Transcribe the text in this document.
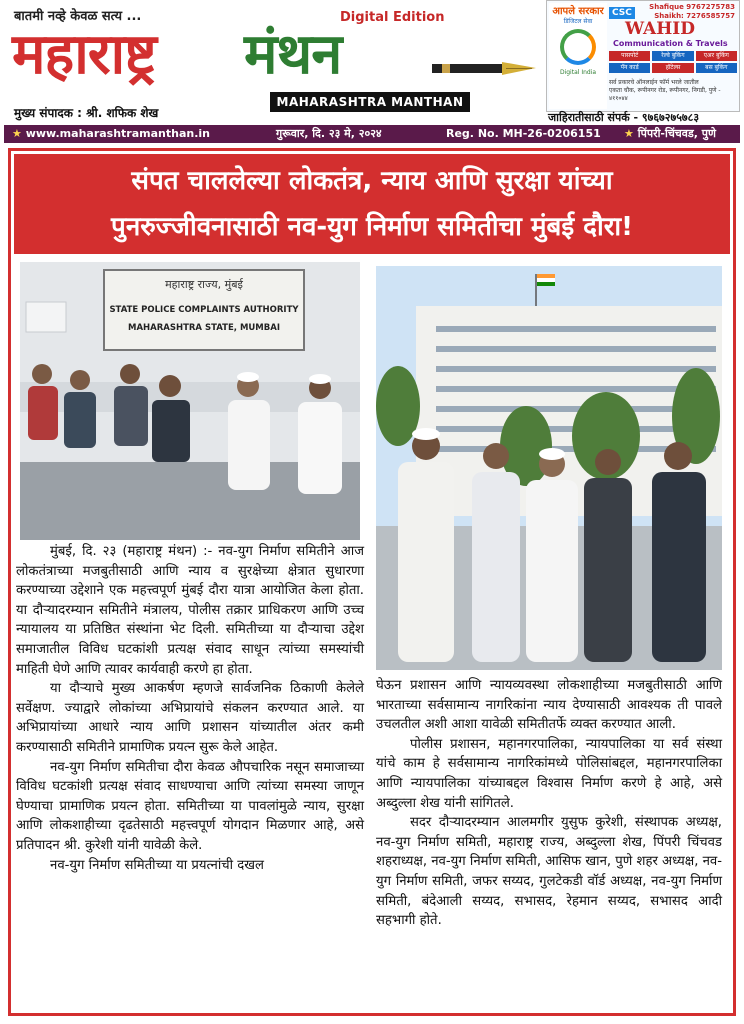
बातमी नव्हे केवळ सत्य ...	Digital Edition
महाराष्ट्र मंथन
MAHARASHTRA MANTHAN
मुख्य संपादक : श्री. शफिक शेख
आपले सरकार
डिजिटल सेवा
Digital India
CSC
Shafique 9767275783
Shaikh: 7276585757
WAHID
Communication & Travels
पासपोर्ट	रेल्वे बुकिंग	एअर बुकिंग
पॅन कार्ड	हॉटेल्स	बस बुकिंग
सर्व प्रकारचे ऑनलाईन फॉर्म भरले जातील
एकता चौक, रूपीनगर रोड, रूपीनगर, निगडी, पुणे - ४११०४४
जाहिरातीसाठी संपर्क - ९७६७२७५७८३
★ www.maharashtramanthan.in	गुरूवार, दि. २३ मे, २०२४	Reg. No. MH-26-0206151 ★ पिंपरी-चिंचवड, पुणे
संपत चाललेल्या लोकतंत्र, न्याय आणि सुरक्षा यांच्या
पुनरुज्जीवनासाठी नव-युग निर्माण समितीचा मुंबई दौरा!
महाराष्ट्र राज्य, मुंबई
STATE POLICE COMPLAINTS AUTHORITY
MAHARASHTRA STATE, MUMBAI

मुंबई, दि. २३ (महाराष्ट्र मंथन) :- नव-युग निर्माण समितीने आज लोकतंत्राच्या मजबुतीसाठी आणि न्याय व सुरक्षेच्या क्षेत्रात सुधारणा करण्याच्या उद्देशाने एक महत्त्वपूर्ण मुंबई दौरा यात्रा आयोजित केला होता. या दौऱ्यादरम्यान समितीने मंत्रालय, पोलीस तक्रार प्राधिकरण आणि उच्च न्यायालय या प्रतिष्ठित संस्थांना भेट दिली. समितीच्या या दौऱ्याचा उद्देश समाजातील विविध घटकांशी प्रत्यक्ष संवाद साधून त्यांच्या समस्यांची माहिती घेणे आणि त्यावर कार्यवाही करणे हा होता.

या दौऱ्याचे मुख्य आकर्षण म्हणजे सार्वजनिक ठिकाणी केलेले सर्वेक्षण. ज्याद्वारे लोकांच्या अभिप्रायांचे संकलन करण्यात आले. या अभिप्रायांच्या आधारे न्याय आणि प्रशासन यांच्यातील अंतर कमी करण्यासाठी समितीने प्रामाणिक प्रयत्न सुरू केले आहेत.

नव-युग निर्माण समितीचा दौरा केवळ औपचारिक नसून समाजाच्या विविध घटकांशी प्रत्यक्ष संवाद साधण्याचा आणि त्यांच्या समस्या जाणून घेण्याचा प्रामाणिक प्रयत्न होता. समितीच्या या पावलांमुळे न्याय, सुरक्षा आणि लोकशाहीच्या दृढतेसाठी महत्त्वपूर्ण योगदान मिळणार आहे, असे प्रतिपादन श्री. कुरेशी यांनी यावेळी केले.

नव-युग निर्माण समितीच्या या प्रयत्नांची दखल

घेऊन प्रशासन आणि न्यायव्यवस्था लोकशाहीच्या मजबुतीसाठी आणि भारताच्या सर्वसामान्य नागरिकांना न्याय देण्यासाठी आवश्यक ती पावले उचलतील अशी आशा यावेळी समितीतर्फे व्यक्त करण्यात आली.

पोलीस प्रशासन, महानगरपालिका, न्यायपालिका या सर्व संस्था यांचे काम हे सर्वसामान्य नागरिकांमध्ये पोलिसांबद्दल, महानगरपालिका आणि न्यायपालिका यांच्याबद्दल विश्वास निर्माण करणे हे आहे, असे अब्दुल्ला शेख यांनी सांगितले.

सदर दौऱ्यादरम्यान आलमगीर युसुफ कुरेशी, संस्थापक अध्यक्ष, नव-युग निर्माण समिती, महाराष्ट्र राज्य, अब्दुल्ला शेख, पिंपरी चिंचवड शहराध्यक्ष, नव-युग निर्माण समिती, आसिफ खान, पुणे शहर अध्यक्ष, नव-युग निर्माण समिती, जफर सय्यद, गुलटेकडी वॉर्ड अध्यक्ष, नव-युग निर्माण समिती, बंदेआली सय्यद, सभासद, रेहमान सय्यद, सभासद आदी सहभागी होते.
